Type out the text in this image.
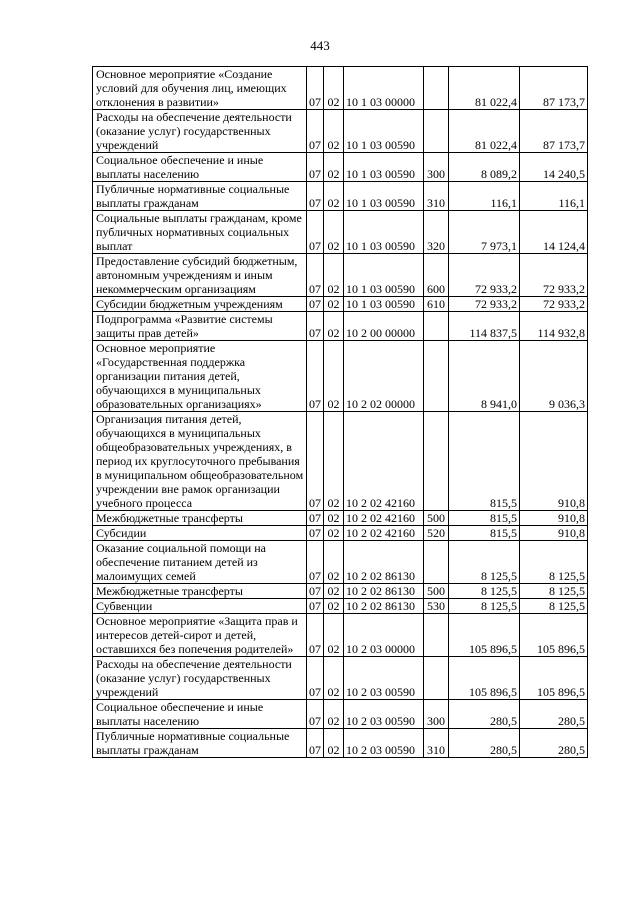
443
Основное мероприятие «Создание условий для обучения лиц, имеющих отклонения в развитии»	07	02	10 1 03 00000		81 022,4	87 173,7
Расходы на обеспечение деятельности (оказание услуг) государственных учреждений	07	02	10 1 03 00590		81 022,4	87 173,7
Социальное обеспечение и иные выплаты населению	07	02	10 1 03 00590	300	8 089,2	14 240,5
Публичные нормативные социальные выплаты гражданам	07	02	10 1 03 00590	310	116,1	116,1
Социальные выплаты гражданам, кроме публичных нормативных социальных выплат	07	02	10 1 03 00590	320	7 973,1	14 124,4
Предоставление субсидий бюджетным, автономным учреждениям и иным некоммерческим организациям	07	02	10 1 03 00590	600	72 933,2	72 933,2
Субсидии бюджетным учреждениям	07	02	10 1 03 00590	610	72 933,2	72 933,2
Подпрограмма «Развитие системы защиты прав детей»	07	02	10 2 00 00000		114 837,5	114 932,8
Основное мероприятие «Государственная поддержка организации питания детей, обучающихся в муниципальных образовательных организациях»	07	02	10 2 02 00000		8 941,0	9 036,3
Организация питания детей, обучающихся в муниципальных общеобразовательных учреждениях, в период их круглосуточного пребывания в муниципальном общеобразовательном учреждении вне рамок организации учебного процесса	07	02	10 2 02 42160		815,5	910,8
Межбюджетные трансферты	07	02	10 2 02 42160	500	815,5	910,8
Субсидии	07	02	10 2 02 42160	520	815,5	910,8
Оказание социальной помощи на обеспечение питанием детей из малоимущих семей	07	02	10 2 02 86130		8 125,5	8 125,5
Межбюджетные трансферты	07	02	10 2 02 86130	500	8 125,5	8 125,5
Субвенции	07	02	10 2 02 86130	530	8 125,5	8 125,5
Основное мероприятие «Защита прав и интересов детей-сирот и детей, оставшихся без попечения родителей»	07	02	10 2 03 00000		105 896,5	105 896,5
Расходы на обеспечение деятельности (оказание услуг) государственных учреждений	07	02	10 2 03 00590		105 896,5	105 896,5
Социальное обеспечение и иные выплаты населению	07	02	10 2 03 00590	300	280,5	280,5
Публичные нормативные социальные выплаты гражданам	07	02	10 2 03 00590	310	280,5	280,5
